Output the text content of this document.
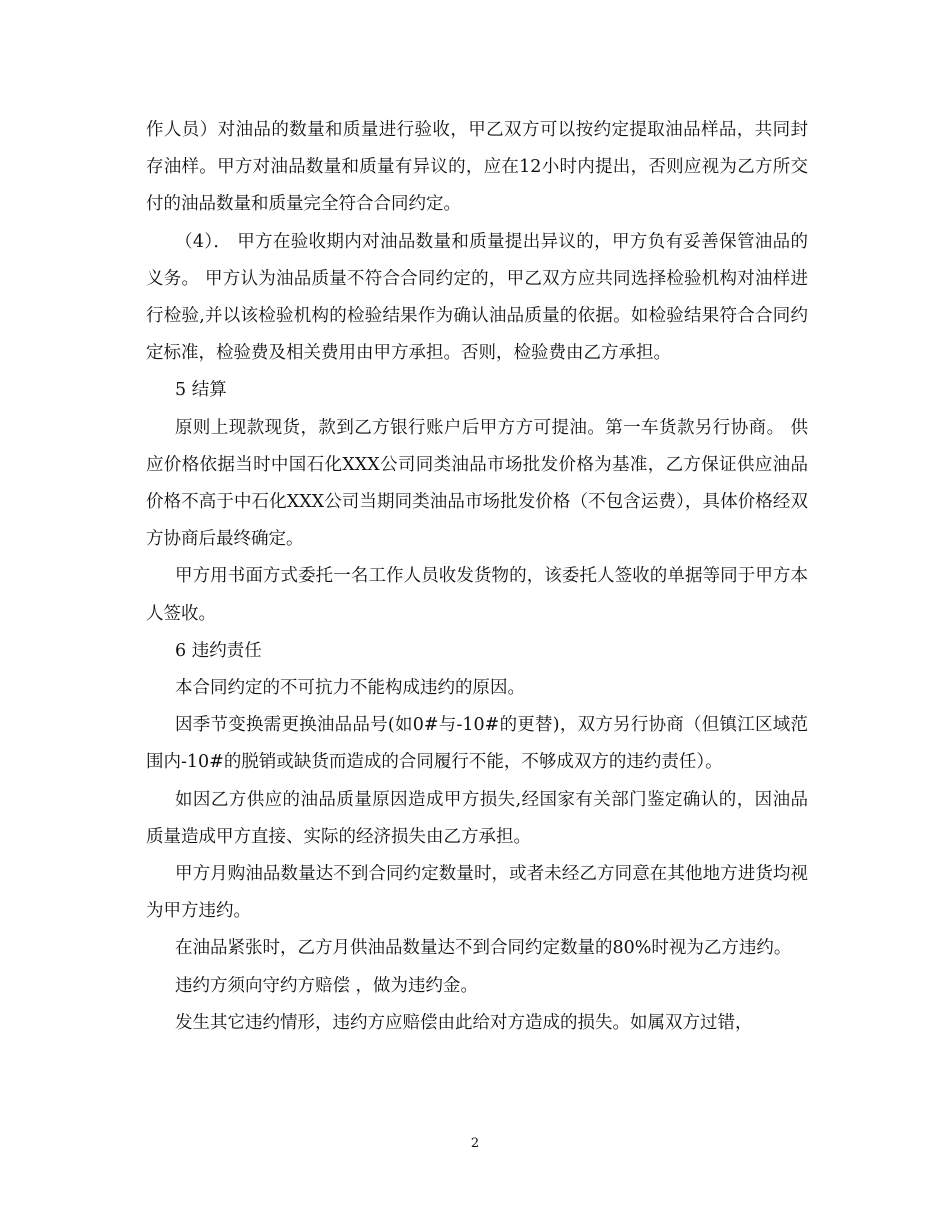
作人员）对油品的数量和质量进行验收，甲乙双方可以按约定提取油品样品，共同封存油样。甲方对油品数量和质量有异议的，应在12小时内提出，否则应视为乙方所交付的油品数量和质量完全符合合同约定。

（4）． 甲方在验收期内对油品数量和质量提出异议的，甲方负有妥善保管油品的义务。 甲方认为油品质量不符合合同约定的，甲乙双方应共同选择检验机构对油样进行检验,并以该检验机构的检验结果作为确认油品质量的依据。如检验结果符合合同约定标准，检验费及相关费用由甲方承担。否则，检验费由乙方承担。

5 结算

原则上现款现货，款到乙方银行账户后甲方方可提油。第一车货款另行协商。 供应价格依据当时中国石化XXX公司同类油品市场批发价格为基准，乙方保证供应油品价格不高于中石化XXX公司当期同类油品市场批发价格（不包含运费），具体价格经双方协商后最终确定。

甲方用书面方式委托一名工作人员收发货物的，该委托人签收的单据等同于甲方本人签收。

6 违约责任

本合同约定的不可抗力不能构成违约的原因。

因季节变换需更换油品品号(如0#与-10#的更替)，双方另行协商（但镇江区域范围内-10#的脱销或缺货而造成的合同履行不能，不够成双方的违约责任）。

如因乙方供应的油品质量原因造成甲方损失,经国家有关部门鉴定确认的，因油品质量造成甲方直接、实际的经济损失由乙方承担。

甲方月购油品数量达不到合同约定数量时，或者未经乙方同意在其他地方进货均视为甲方违约。

在油品紧张时，乙方月供油品数量达不到合同约定数量的80%时视为乙方违约。

违约方须向守约方赔偿 ，做为违约金。

发生其它违约情形，违约方应赔偿由此给对方造成的损失。如属双方过错，

2
